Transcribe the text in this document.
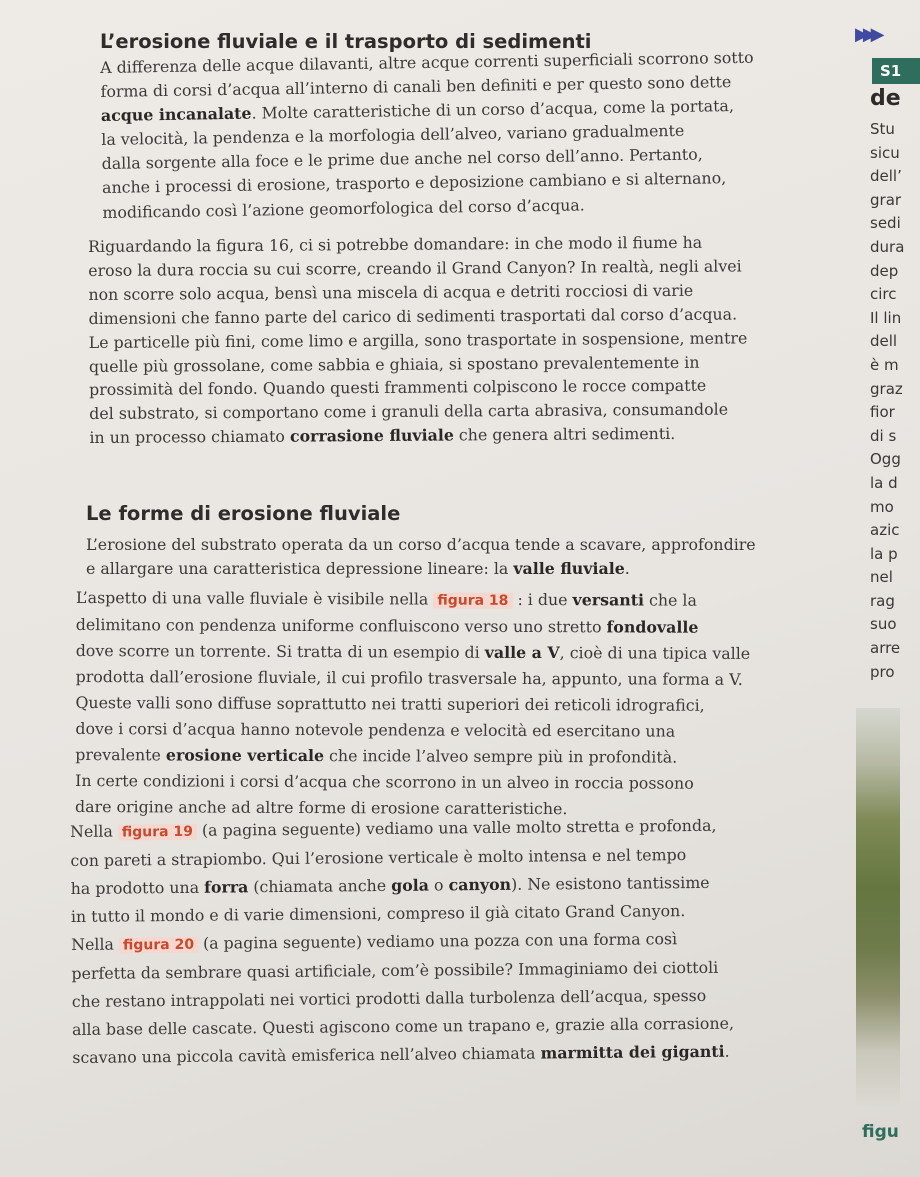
▶▶▶
S1
de
Stu
sicu
dell’
grar
sedi
dura
dep
circ
Il lin
dell
è m
graz
fior
di s
Ogg
la d
mo
azic
la p
nel
rag
suo
arre
pro
figu
L’erosione fluviale e il trasporto di sedimenti
A differenza delle acque dilavanti, altre acque correnti superficiali scorrono sotto
forma di corsi d’acqua all’interno di canali ben definiti e per questo sono dette
acque incanalate. Molte caratteristiche di un corso d’acqua, come la portata,
la velocità, la pendenza e la morfologia dell’alveo, variano gradualmente
dalla sorgente alla foce e le prime due anche nel corso dell’anno. Pertanto,
anche i processi di erosione, trasporto e deposizione cambiano e si alternano,
modificando così l’azione geomorfologica del corso d’acqua.
Riguardando la figura 16, ci si potrebbe domandare: in che modo il fiume ha
eroso la dura roccia su cui scorre, creando il Grand Canyon? In realtà, negli alvei
non scorre solo acqua, bensì una miscela di acqua e detriti rocciosi di varie
dimensioni che fanno parte del carico di sedimenti trasportati dal corso d’acqua.
Le particelle più fini, come limo e argilla, sono trasportate in sospensione, mentre
quelle più grossolane, come sabbia e ghiaia, si spostano prevalentemente in
prossimità del fondo. Quando questi frammenti colpiscono le rocce compatte
del substrato, si comportano come i granuli della carta abrasiva, consumandole
in un processo chiamato corrasione fluviale che genera altri sedimenti.
Le forme di erosione fluviale
L’erosione del substrato operata da un corso d’acqua tende a scavare, approfondire
e allargare una caratteristica depressione lineare: la valle fluviale.
L’aspetto di una valle fluviale è visibile nella figura 18 : i due versanti che la
delimitano con pendenza uniforme confluiscono verso uno stretto fondovalle
dove scorre un torrente. Si tratta di un esempio di valle a V, cioè di una tipica valle
prodotta dall’erosione fluviale, il cui profilo trasversale ha, appunto, una forma a V.
Queste valli sono diffuse soprattutto nei tratti superiori dei reticoli idrografici,
dove i corsi d’acqua hanno notevole pendenza e velocità ed esercitano una
prevalente erosione verticale che incide l’alveo sempre più in profondità.
In certe condizioni i corsi d’acqua che scorrono in un alveo in roccia possono
dare origine anche ad altre forme di erosione caratteristiche.
Nella figura 19 (a pagina seguente) vediamo una valle molto stretta e profonda,
con pareti a strapiombo. Qui l’erosione verticale è molto intensa e nel tempo
ha prodotto una forra (chiamata anche gola o canyon). Ne esistono tantissime
in tutto il mondo e di varie dimensioni, compreso il già citato Grand Canyon.
Nella figura 20 (a pagina seguente) vediamo una pozza con una forma così
perfetta da sembrare quasi artificiale, com’è possibile? Immaginiamo dei ciottoli
che restano intrappolati nei vortici prodotti dalla turbolenza dell’acqua, spesso
alla base delle cascate. Questi agiscono come un trapano e, grazie alla corrasione,
scavano una piccola cavità emisferica nell’alveo chiamata marmitta dei giganti.
